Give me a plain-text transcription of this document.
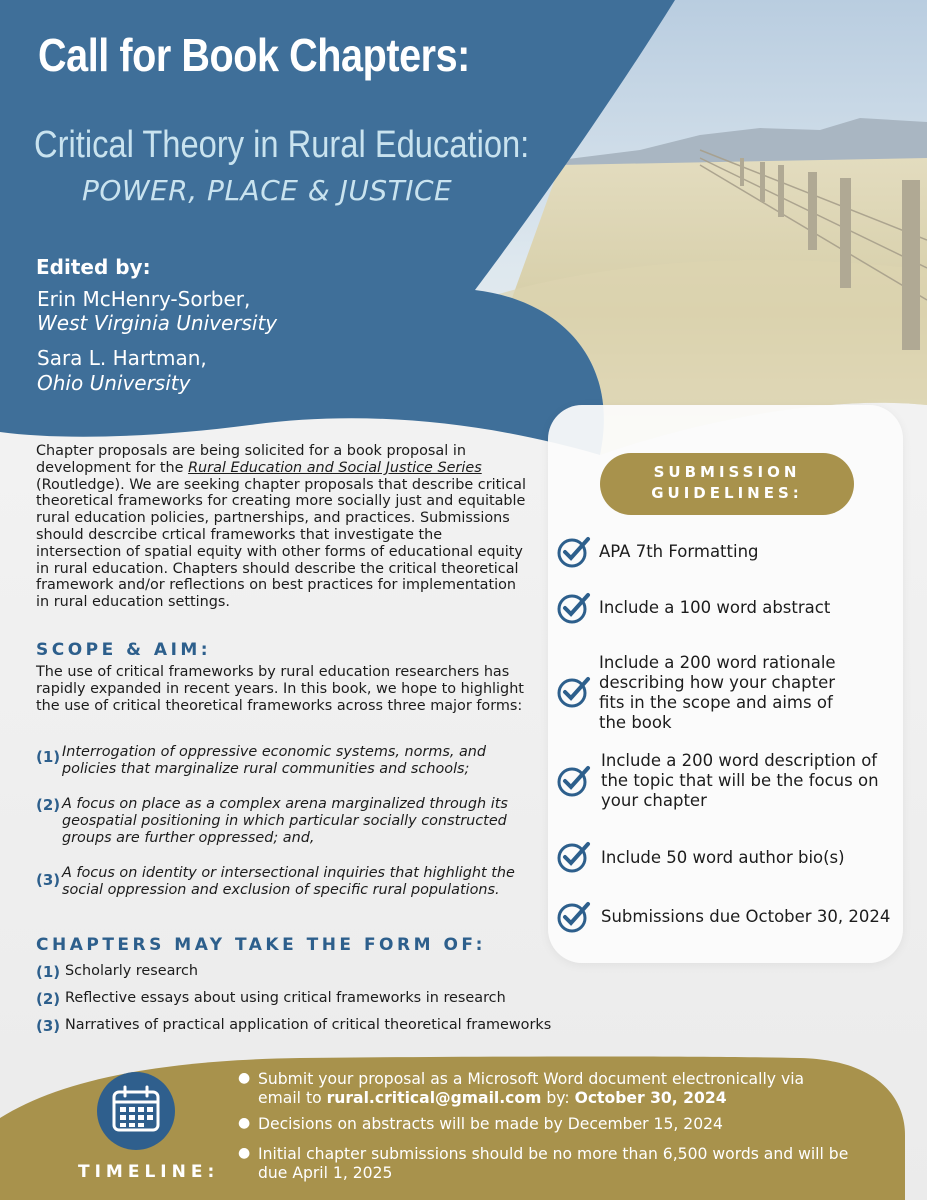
Call for Book Chapters:
Critical Theory in Rural Education:
POWER, PLACE & JUSTICE
Edited by:
Erin McHenry-Sorber,
West Virginia University
Sara L. Hartman,
Ohio University
Chapter proposals are being solicited for a book proposal in development for the Rural Education and Social Justice Series (Routledge). We are seeking chapter proposals that describe critical theoretical frameworks for creating more socially just and equitable rural education policies, partnerships, and practices. Submissions should descrcibe crtical frameworks that investigate the intersection of spatial equity with other forms of educational equity in rural education. Chapters should describe the critical theoretical framework and/or reflections on best practices for implementation in rural education settings.
SCOPE & AIM:
The use of critical frameworks by rural education researchers has rapidly expanded in recent years. In this book, we hope to highlight the use of critical theoretical frameworks across three major forms:
(1) Interrogation of oppressive economic systems, norms, and policies that marginalize rural communities and schools;
(2) A focus on place as a complex arena marginalized through its geospatial positioning in which particular socially constructed groups are further oppressed; and,
(3) A focus on identity or intersectional inquiries that highlight the social oppression and exclusion of specific rural populations.
CHAPTERS MAY TAKE THE FORM OF:
(1) Scholarly research
(2) Reflective essays about using critical frameworks in research
(3) Narratives of practical application of critical theoretical frameworks
SUBMISSION
GUIDELINES:
APA 7th Formatting
Include a 100 word abstract
Include a 200 word rationale describing how your chapter fits in the scope and aims of the book
Include a 200 word description of the topic that will be the focus on your chapter
Include 50 word author bio(s)
Submissions due October 30, 2024
TIMELINE:
● Submit your proposal as a Microsoft Word document electronically via email to rural.critical@gmail.com by: October 30, 2024
● Decisions on abstracts will be made by December 15, 2024
● Initial chapter submissions should be no more than 6,500 words and will be due April 1, 2025
